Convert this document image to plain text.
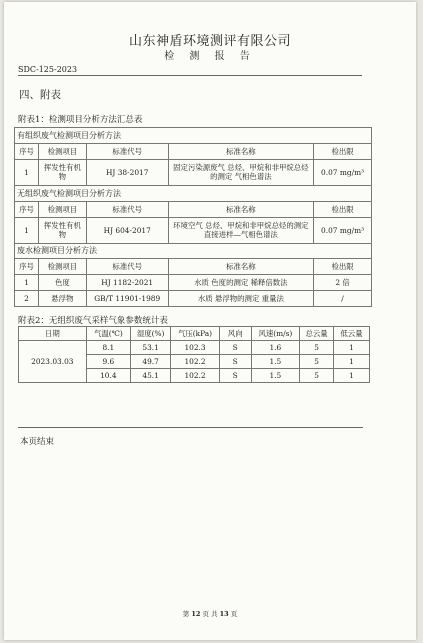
山东神盾环境测评有限公司
检 测 报 告
SDC-125-2023
四、附表
附表1：检测项目分析方法汇总表
有组织废气检测项目分析方法				
序号	检测项目	标准代号	标准名称	检出限
1	挥发性有机物	HJ 38-2017	固定污染源废气 总烃、甲烷和非甲烷总烃的测定 气相色谱法	0.07 mg/m³
无组织废气检测项目分析方法				
序号	检测项目	标准代号	标准名称	检出限
1	挥发性有机物	HJ 604-2017	环境空气 总烃、甲烷和非甲烷总烃的测定 直接进样—气相色谱法	0.07 mg/m³
废水检测项目分析方法				
序号	检测项目	标准代号	标准名称	检出限
1	色度	HJ 1182-2021	水质 色度的测定 稀释倍数法	2 倍
2	悬浮物	GB/T 11901-1989	水质 悬浮物的测定 重量法	/
附表2：无组织废气采样气象参数统计表
日期	气温(℃)	湿度(%)	气压(kPa)	风向	风速(m/s)	总云量	低云量
2023.03.03	8.1	53.1	102.3	S	1.6	5	1
	9.6	49.7	102.2	S	1.5	5	1
	10.4	45.1	102.2	S	1.5	5	1
本页结束
第 12 页 共 13 页
